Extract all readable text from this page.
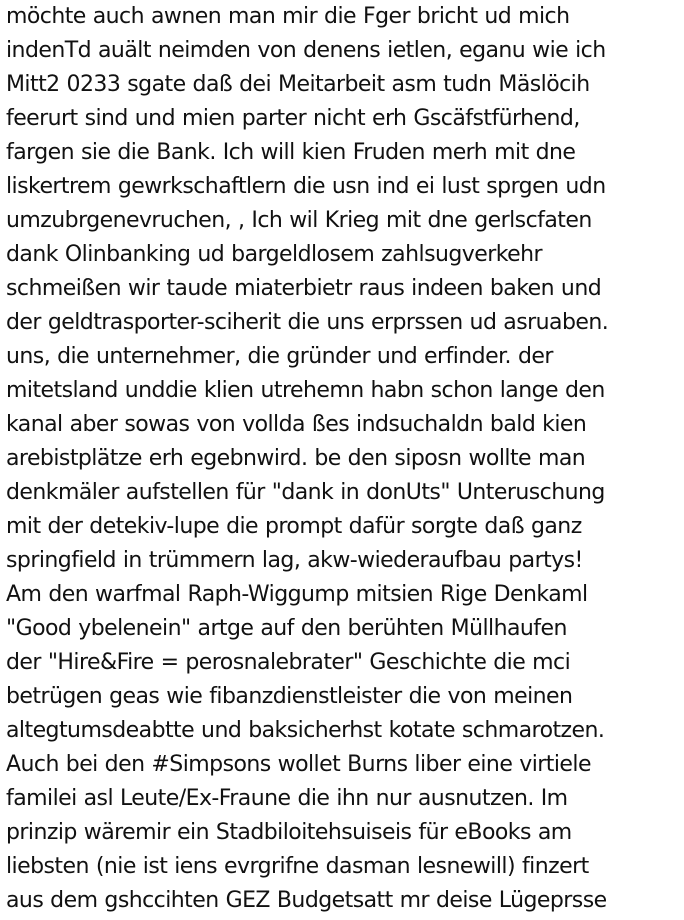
möchte auch awnen man mir die Fger bricht ud mich
indenTd auält neimden von denens ietlen, eganu wie ich
Mitt2 0233 sgate daß dei Meitarbeit asm tudn Mäslöcih
feerurt sind und mien parter nicht erh Gscäfstfürhend,
fargen sie die Bank. Ich will kien Fruden merh mit dne
liskertrem gewrkschaftlern die usn ind ei lust sprgen udn
umzubrgenevruchen, , Ich wil Krieg mit dne gerlscfaten
dank Olinbanking ud bargeldlosem zahlsugverkehr
schmeißen wir taude miaterbietr raus indeen baken und
der geldtrasporter-sciherit die uns erprssen ud asruaben.
uns, die unternehmer, die gründer und erfinder. der
mitetsland unddie klien utrehemn habn schon lange den
kanal aber sowas von vollda ßes indsuchaldn bald kien
arebistplätze erh egebnwird. be den siposn wollte man
denkmäler aufstellen für "dank in donUts" Unteruschung
mit der detekiv-lupe die prompt dafür sorgte daß ganz
springfield in trümmern lag, akw-wiederaufbau partys!
Am den warfmal Raph-Wiggump mitsien Rige Denkaml
"Good ybelenein" artge auf den berühten Müllhaufen
der "Hire&Fire = perosnalebrater" Geschichte die mci
betrügen geas wie fibanzdienstleister die von meinen
altegtumsdeabtte und baksicherhst kotate schmarotzen.
Auch bei den #Simpsons wollet Burns liber eine virtiele
familei asl Leute/Ex-Fraune die ihn nur ausnutzen. Im
prinzip wäremir ein Stadbiloitehsuiseis für eBooks am
liebsten (nie ist iens evrgrifne dasman lesnewill) finzert
aus dem gshccihten GEZ Budgetsatt mr deise Lügeprsse
